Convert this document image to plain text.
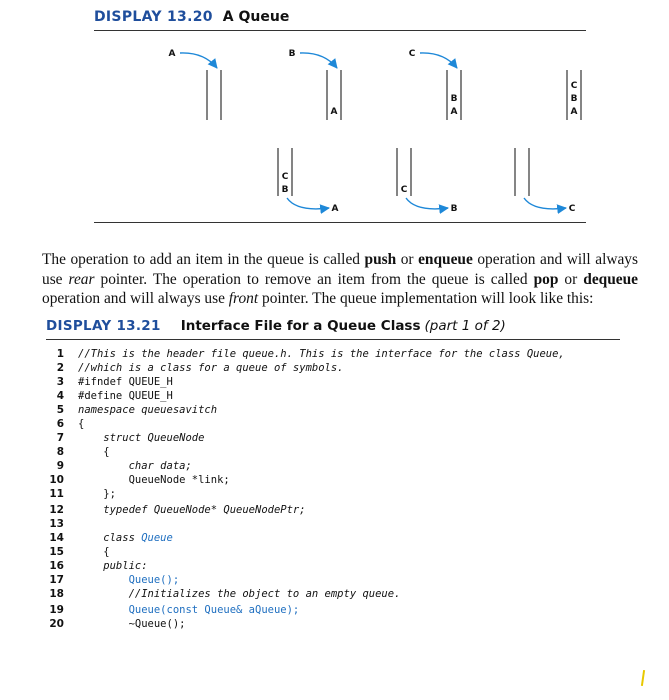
DISPLAY 13.20 A Queue
A
A
B
B
A
C
C
B
A
C
B
A
C
B	C
The operation to add an item in the queue is called push or enqueue operation and will always use rear pointer. The operation to remove an item from the queue is called pop or dequeue operation and will always use front pointer. The queue implementation will look like this:
DISPLAY 13.21 Interface File for a Queue Class (part 1 of 2)
1 //This is the header file queue.h. This is the interface for the class Queue,
2 //which is a class for a queue of symbols.
3 #ifndef QUEUE_H
4 #define QUEUE_H
5 namespace queuesavitch
6 {
7 struct QueueNode
8 {
9 char data;
10 QueueNode *link;
11 };
12 typedef QueueNode* QueueNodePtr;
13
14 class Queue
15 {
16 public:
17 Queue();
18 //Initializes the object to an empty queue.
19 Queue(const Queue& aQueue);
20 ~Queue();
